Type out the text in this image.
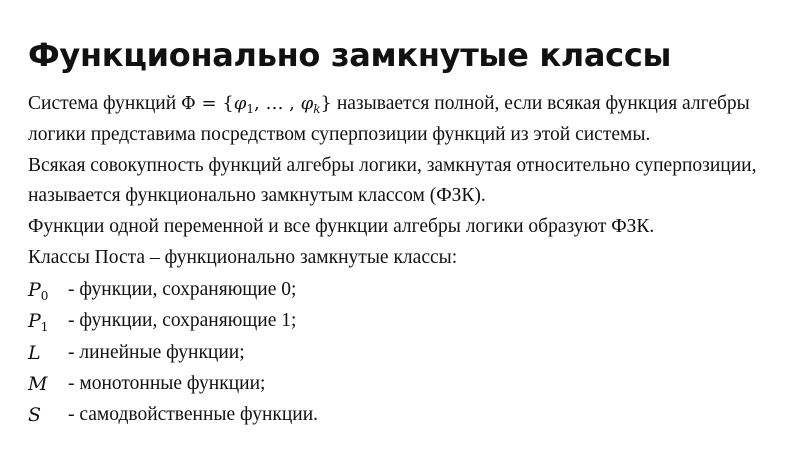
Функционально замкнутые классы
Система функций $\Phi = \{\varphi_1$, … , $\varphi_k$} называется полной, если всякая функция алгебры
логики представима посредством суперпозиции функций из этой системы.
Всякая совокупность функций алгебры логики, замкнутая относительно суперпозиции,
называется функционально замкнутым классом (ФЗК).
Функции одной переменной и все функции алгебры логики образуют ФЗК.
Классы Поста – функционально замкнутые классы:
$P_0$ - функции, сохраняющие 0;
$P_1$ - функции, сохраняющие 1;
L - линейные функции;
M - монотонные функции;
S - самодвойственные функции.
